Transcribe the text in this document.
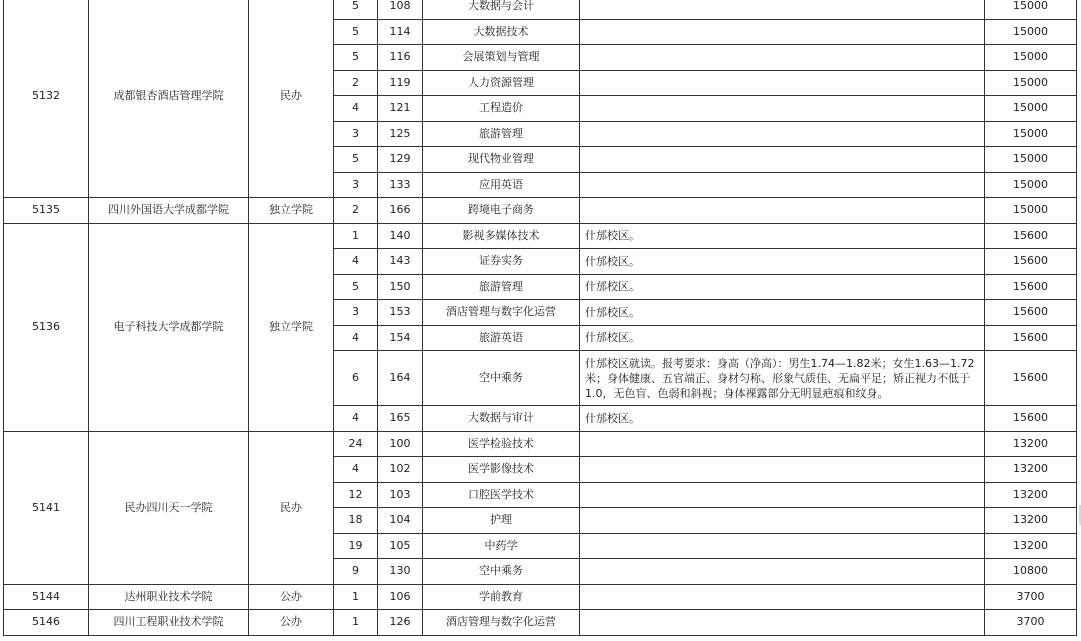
5132	成都银杏酒店管理学院	民办	5	108	大数据与会计		15000
			5	114	大数据技术		15000
			5	116	会展策划与管理		15000
			2	119	人力资源管理		15000
			4	121	工程造价		15000
			3	125	旅游管理		15000
			5	129	现代物业管理		15000
			3	133	应用英语		15000
5135	四川外国语大学成都学院	独立学院	2	166	跨境电子商务		15000
5136	电子科技大学成都学院	独立学院	1	140	影视多媒体技术	什邡校区。	15600
			4	143	证券实务	什邡校区。	15600
			5	150	旅游管理	什邡校区。	15600
			3	153	酒店管理与数字化运营	什邡校区。	15600
			4	154	旅游英语	什邡校区。	15600
			6	164	空中乘务	什邡校区就读。报考要求：身高（净高）：男生1.74—1.82米；女生1.63—1.72米；身体健康、五官端正、身材匀称、形象气质佳、无扁平足；矫正视力不低于1.0，无色盲、色弱和斜视；身体裸露部分无明显疤痕和纹身。	15600
			4	165	大数据与审计	什邡校区。	15600
5141	民办四川天一学院	民办	24	100	医学检验技术		13200
			4	102	医学影像技术		13200
			12	103	口腔医学技术		13200
			18	104	护理		13200
			19	105	中药学		13200
			9	130	空中乘务		10800
5144	达州职业技术学院	公办	1	106	学前教育		3700
5146	四川工程职业技术学院	公办	1	126	酒店管理与数字化运营		3700
